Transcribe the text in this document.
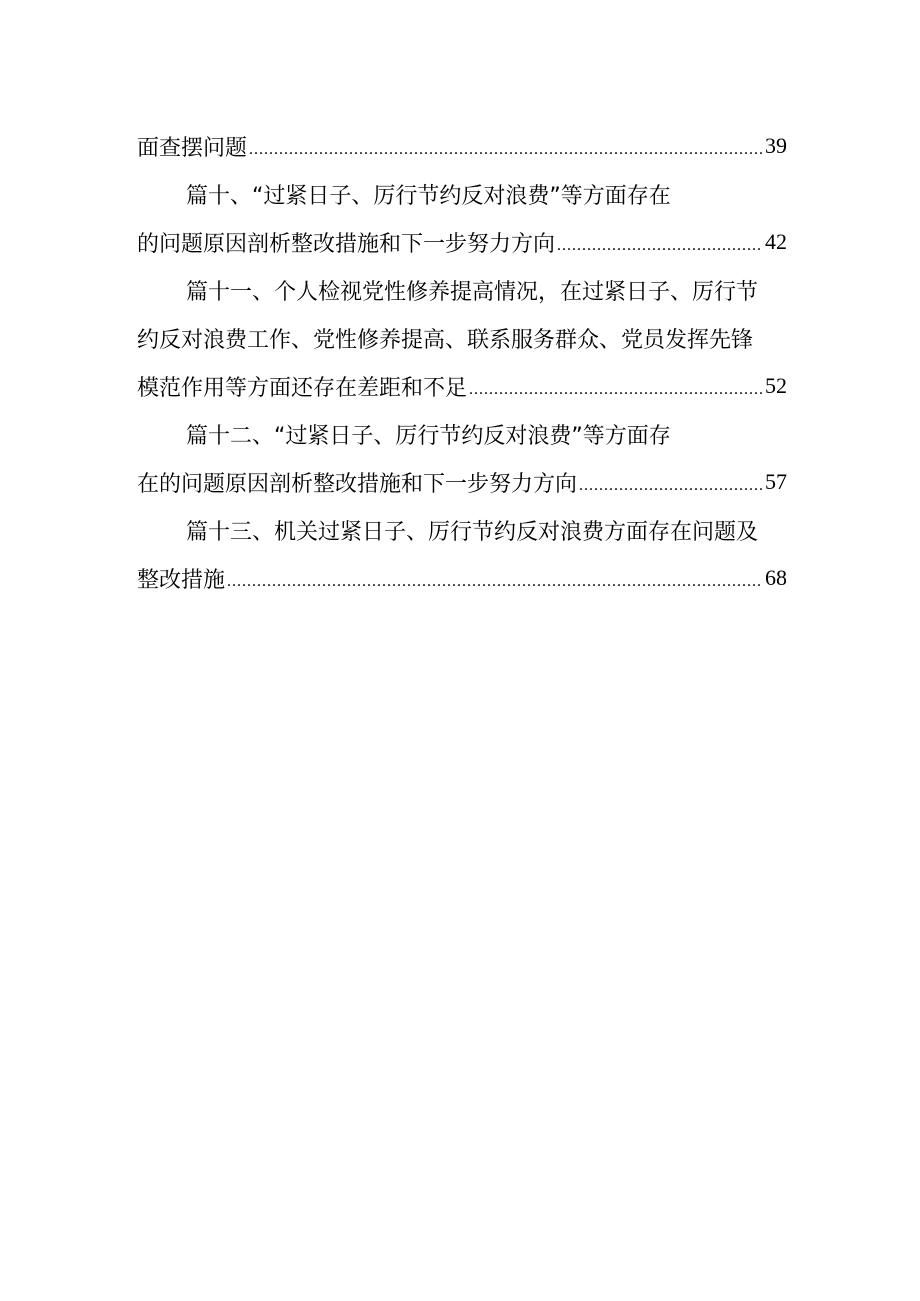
面查摆问题 .....	39
篇十、“过紧日子、厉行节约反对浪费”等方面存在
的问题原因剖析整改措施和下一步努力方向 .....	42
篇十一、个人检视党性修养提高情况，在过紧日子、厉行节
约反对浪费工作、党性修养提高、联系服务群众、党员发挥先锋
模范作用等方面还存在差距和不足 .....	52
篇十二、“过紧日子、厉行节约反对浪费”等方面存
在的问题原因剖析整改措施和下一步努力方向 .....	57
篇十三、机关过紧日子、厉行节约反对浪费方面存在问题及
整改措施 .....	68
